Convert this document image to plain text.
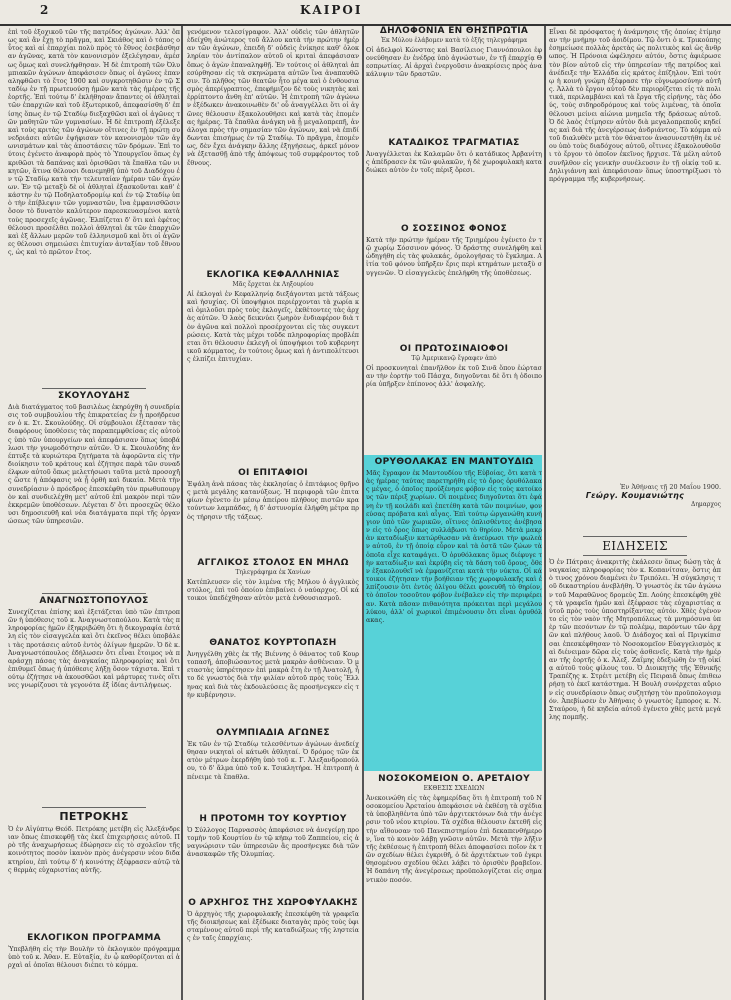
2	ΚΑΙΡΟΙ
ἐπὶ τοῦ ἐξοχικοῦ τῶν τῆς πατρίδος ἀγώνων. Ἀλλ' ὅπως καὶ ἂν ἔχῃ τὸ πρᾶγμα, καὶ Σκιάθος καὶ ὁ τόπος οὗτος καὶ αἱ ἐπαρχίαι πολὺ πρὸς τὸ ἔθνος ἐσεβάσθησαν ἀγῶνας, κατὰ τὸν κανονισμὸν ἐξελέγησαν, ἀμέσως ὅμως καὶ συνελήφθησαν. Ἡ δὲ ἐπιτροπὴ τῶν Ὀλυμπιακῶν ἀγώνων ἀπεφάσισεν ὅπως οἱ ἀγῶνες ἐπαναληφθῶσι τὸ ἔτος 1900 καὶ συγκροτηθῶσιν ἐν τῷ Σταδίῳ ἐν τῇ πρωτευούσῃ ἡμῶν κατὰ τὰς ἡμέρας τῆς ἑορτῆς. Ἐπὶ τούτῳ δ' ἐκλήθησαν ἅπαντες οἱ ἀθληταὶ τῶν ἐπαρχιῶν καὶ τοῦ ἐξωτερικοῦ, ἀπεφασίσθη δ' ἐπίσης ὅπως ἐν τῷ Σταδίῳ διεξαχθῶσι καὶ οἱ ἀγῶνες τῶν μαθητῶν τῶν γυμνασίων. Ἡ δὲ ἐπιτροπὴ ἐξέλεξε καὶ τοὺς κριτὰς τῶν ἀγώνων οἵτινες ἐν τῇ πρώτῃ συνεδριάσει αὐτῶν ἐψήφισαν τὸν κανονισμὸν τῶν ἀγωνισμάτων καὶ τὰς ἀποστάσεις τῶν δρόμων. Ἐπὶ τούτοις ἐγένετο ἀναφορὰ πρὸς τὸ Ὑπουργεῖον ὅπως ἐγκριθῶσι τὰ δαπάνας καὶ ὁρισθῶσι τὰ ἔπαθλα τῶν νικητῶν, ἅτινα θέλουσι διανεμηθῆ ὑπὸ τοῦ Διαδόχου ἐν τῷ Σταδίῳ κατὰ τὴν τελευταίαν ἡμέραν τῶν ἀγώνων. Ἐν τῷ μεταξὺ δὲ οἱ ἀθληταὶ ἐξασκοῦνται καθ' ἑκάστην ἐν τῷ Ποδηλατοδρομίῳ καὶ ἐν τῷ Σταδίῳ ὑπὸ τὴν ἐπίβλεψιν τῶν γυμναστῶν, ἵνα ἐμφανισθῶσιν ὅσον τὸ δυνατὸν καλύτερον παρεσκευασμένοι κατὰ τοὺς προσεχεῖς ἀγῶνας. Ἐλπίζεται δ' ὅτι καὶ ἐφέτος θέλουσι προσέλθει πολλοὶ ἀθληταὶ ἐκ τῶν ἐπαρχιῶν καὶ ἐξ ἄλλων μερῶν τοῦ ἑλληνισμοῦ καὶ ὅτι οἱ ἀγῶνες θέλουσι σημειώσει ἐπιτυχίαν ἀνταξίαν τοῦ ἔθνους, ὡς καὶ τὸ πρῶτον ἔτος.
ΣΚΟΥΛΟΥΔΗΣ
Διὰ διατάγματος τοῦ βασιλέως ἐκηρύχθη ἡ συνεδρίασις τοῦ συμβουλίου τῆς ἐπικρατείας ἐν ᾗ προήδρευσεν ὁ κ. Στ. Σκουλούδης. Οἱ σύμβουλοι ἐξέτασαν τὰς διαφόρους ὑποθέσεις τὰς παραπεμφθείσας εἰς αὐτοὺς ὑπὸ τῶν ὑπουργείων καὶ ἀπεφάσισαν ὅπως ὑποβάλωσι τὴν γνωμοδότησιν αὐτῶν. Ὁ κ. Σκουλούδης ἀνέπτυξε τὰ κυριώτερα ζητήματα τὰ ἀφορῶντα εἰς τὴν διοίκησιν τοῦ κράτους καὶ ἐζήτησε παρὰ τῶν συναδέλφων αὐτοῦ ὅπως μελετήσωσι ταῦτα μετὰ προσοχῆς ὥστε ἡ ἀπόφασις νὰ ᾖ ὀρθὴ καὶ δικαία. Μετὰ τὴν συνεδρίασιν ὁ πρόεδρος ἐπεσκέφθη τὸν πρωθυπουργὸν καὶ συνδιελέχθη μετ' αὐτοῦ ἐπὶ μακρὸν περὶ τῶν ἐκκρεμῶν ὑποθέσεων. Λέγεται δ' ὅτι προσεχῶς θέλουσι δημοσιευθῆ καὶ νέα διατάγματα περὶ τῆς ὀργανώσεως τῶν ὑπηρεσιῶν.
ΑΝΑΓΝΩΣΤΟΠΟΥΛΟΣ
Συνεχίζεται ἐπίσης καὶ ἐξετάζεται ὑπὸ τῶν ἐπιτροπῶν ἡ ὑπόθεσις τοῦ κ. Ἀναγνωστοπούλου. Κατὰ τὰς πληροφορίας ἡμῶν ἐξηκριβώθη ὅτι ἡ δικογραφία ἐστάλη εἰς τὸν εἰσαγγελέα καὶ ὅτι ἐκεῖνος θέλει ὑποβάλει τὰς προτάσεις αὐτοῦ ἐντὸς ὀλίγων ἡμερῶν. Ὁ δὲ κ. Ἀναγνωστόπουλος ἐδήλωσεν ὅτι εἶναι ἕτοιμος νὰ παράσχῃ πάσας τὰς ἀναγκαίας πληροφορίας καὶ ὅτι ἐπιθυμεῖ ὅπως ἡ ὑπόθεσις λήξῃ ὅσον τάχιστα. Ἐπὶ τούτῳ ἐζήτησε νὰ ἀκουσθῶσι καὶ μάρτυρες τινὲς οἵτινες γνωρίζουσι τὰ γεγονότα ἐξ ἰδίας ἀντιλήψεως.
ΠΕΤΡΟΚΗΣ
Ὁ ἐν Αἰγύπτῳ Θεόδ. Πετρόκης μετέβη εἰς Ἀλεξάνδρειαν ὅπως ἐπισκεφθῇ τὰς ἐκεῖ ἐπιχειρήσεις αὐτοῦ. Πρὸ τῆς ἀναχωρήσεως ἐδώρησεν εἰς τὸ σχολεῖον τῆς κοινότητος ποσὸν ἱκανὸν πρὸς ἀνέγερσιν νέου διδακτηρίου, ἐπὶ τούτῳ δ' ἡ κοινότης ἐξέφρασεν αὐτῷ τὰς θερμὰς εὐχαριστίας αὐτῆς.
ΕΚΛΟΓΙΚΟΝ ΠΡΟΓΡΑΜΜΑ
Ὑπεβλήθη εἰς τὴν Βουλὴν τὸ ἐκλογικὸν πρόγραμμα ὑπὸ τοῦ κ. Ἀθαν. Ε. Εὐταξία, ἐν ᾧ καθορίζονται αἱ ἀρχαὶ αἱ ὁποῖαι θέλουσι διέπει τὸ κόμμα.
γενόμενον τελεσίγραφον. Ἀλλ' οὐδεὶς τῶν ἀθλητῶν ἐδείχθη ἀνώτερος τοῦ ἄλλου κατὰ τὴν πρώτην ἡμέραν τῶν ἀγώνων, ἐπειδὴ δ' οὐδεὶς ἐνίκησε καθ' ὁλοκληρίαν τὸν ἀντίπαλον αὐτοῦ οἱ κριταὶ ἀπεφάσισαν ὅπως ὁ ἀγὼν ἐπαναληφθῇ. Ἐν τούτοις οἱ ἀθληταὶ ἀπεσύρθησαν εἰς τὰ σκηνώματα αὐτῶν ἵνα ἀναπαυθῶσιν. Τὸ πλῆθος τῶν θεατῶν ἦτο μέγα καὶ ὁ ἐνθουσιασμὸς ἀπερίγραπτος, ἐπεφήμιζον δὲ τοὺς νικητὰς καὶ ἐρρίπτοντο ἄνθη ἐπ' αὐτῶν. Ἡ ἐπιτροπὴ τῶν ἀγώνων ἐξέδωκεν ἀνακοινωθὲν δι' οὗ ἀναγγέλλει ὅτι οἱ ἀγῶνες θέλουσιν ἐξακολουθήσει καὶ κατὰ τὰς ἑπομένας ἡμέρας. Τὰ ἔπαθλα ἀνάγκη νὰ ᾖ μεγαλοπρεπῆ, ἀνάλογα πρὸς τὴν σημασίαν τῶν ἀγώνων, καὶ νὰ ἐπιδίδωνται ἐπισήμως ἐν τῷ Σταδίῳ. Τὸ πρᾶγμα, ἐπομένως, δὲν ἔχει ἀνάγκην ἄλλης ἐξηγήσεως, ἀρκεῖ μόνον νὰ ἐξετασθῇ ἀπὸ τῆς ἀπόψεως τοῦ συμφέροντος τοῦ ἔθνους.
ΕΚΛΟΓΙΚΑ ΚΕΦΑΛΛΗΝΙΑΣ
Μᾶς ἔρχεται ἐκ Ληξουρίου
Αἱ ἐκλογαὶ ἐν Κεφαλληνίᾳ διεξάγονται μετὰ τάξεως καὶ ἡσυχίας. Οἱ ὑποψήφιοι περιέρχονται τὰ χωρία καὶ ὁμιλοῦσι πρὸς τοὺς ἐκλογεῖς, ἐκθέτοντες τὰς ἀρχὰς αὐτῶν. Ὁ λαὸς δεικνύει ζωηρὸν ἐνδιαφέρον διὰ τὸν ἀγῶνα καὶ πολλοὶ προσέρχονται εἰς τὰς συγκεντρώσεις. Κατὰ τὰς μέχρι τοῦδε πληροφορίας προβλέπεται ὅτι θέλουσιν ἐκλεγῆ οἱ ὑποψήφιοι τοῦ κυβερνητικοῦ κόμματος, ἐν τούτοις ὅμως καὶ ἡ ἀντιπολίτευσις ἐλπίζει ἐπιτυχίαν.
ΟΙ ΕΠΙΤΑΦΙΟΙ
Ἐψάλη ἀνὰ πάσας τὰς ἐκκλησίας ὁ ἐπιτάφιος θρῆνος μετὰ μεγάλης κατανύξεως. Ἡ περιφορὰ τῶν ἐπιταφίων ἐγένετο ἐν μέσῳ ἀπείρου πλήθους πιστῶν κρατούντων λαμπάδας, ἡ δ' ἀστυνομία ἐλήφθη μέτρα πρὸς τήρησιν τῆς τάξεως.
ΑΓΓΛΙΚΟΣ ΣΤΟΛΟΣ ΕΝ ΜΗΛΩ
Τηλεγράφημα ἐκ Χανίων
Κατέπλευσεν εἰς τὸν λιμένα τῆς Μήλου ὁ ἀγγλικὸς στόλος, ἐπὶ τοῦ ὁποίου ἐπιβαίνει ὁ ναύαρχος. Οἱ κάτοικοι ὑπεδέχθησαν αὐτὸν μετὰ ἐνθουσιασμοῦ.
ΘΑΝΑΤΟΣ ΚΟΥΡΤΟΠΑΣΗ
Ἀνηγγέλθη χθὲς ἐκ τῆς Βιέννης ὁ θάνατος τοῦ Κουρτοπασῆ, ἀποβιώσαντος μετὰ μακρὰν ἀσθένειαν. Ὁ μεταστὰς ὑπηρέτησεν ἐπὶ μακρὰ ἔτη ἐν τῇ Ἀνατολῇ, ἦτο δὲ γνωστὸς διὰ τὴν φιλίαν αὐτοῦ πρὸς τοὺς Ἕλληνας καὶ διὰ τὰς ἐκδουλεύσεις ἃς προσήνεγκεν εἰς τὴν κυβέρνησιν.
ΟΛΥΜΠΙΑΔΙΑ ΑΓΩΝΕΣ
Ἐκ τῶν ἐν τῷ Σταδίῳ τελεσθέντων ἀγώνων ἀνεδείχθησαν νικηταὶ οἱ κάτωθι ἀθληταί. Ὁ δρόμος τῶν ἑκατὸν μέτρων ἐκερδήθη ὑπὸ τοῦ κ. Γ. Ἀλεξανδροπούλου, τὸ δ' ἅλμα ὑπὸ τοῦ κ. Τσικλητήρα. Ἡ ἐπιτροπὴ ἀπένειμε τὰ ἔπαθλα.
Η ΠΡΟΤΟΜΗ ΤΟΥ ΚΟΥΡΤΙΟΥ
Ὁ Σύλλογος Παρνασσὸς ἀπεφάσισε νὰ ἀνεγείρῃ προτομὴν τοῦ Κουρτίου ἐν τῷ κήπῳ τοῦ Ζαππείου, εἰς ἀναγνώρισιν τῶν ὑπηρεσιῶν ἃς προσήνεγκε διὰ τῶν ἀνασκαφῶν τῆς Ὀλυμπίας.
Ο ΑΡΧΗΓΟΣ ΤΗΣ ΧΩΡΟΦΥΛΑΚΗΣ
Ὁ ἀρχηγὸς τῆς χωροφυλακῆς ἐπεσκέφθη τὰ γραφεῖα τῆς διοικήσεως καὶ ἐξέδωκε διαταγὰς πρὸς τοὺς ὑφισταμένους αὐτοῦ περὶ τῆς καταδιώξεως τῆς ληστείας ἐν ταῖς ἐπαρχίαις.
ΔΗΛΟΦΟΝΙΑ ΕΝ ΘΗΣΠΡΩΤΙΑ
Ἐκ Μύλου ἐλάβομεν κατὰ τὸ ἑξῆς τηλεγράφημα
Οἱ ἀδελφοὶ Κώνστας καὶ Βασίλειος Γιαννόπουλοι ἐφονεύθησαν ἐν ἐνέδρᾳ ὑπὸ ἀγνώστων, ἐν τῇ ἐπαρχίᾳ Θεσπρωτίας. Αἱ ἀρχαὶ ἐνεργοῦσιν ἀνακρίσεις πρὸς ἀνακάλυψιν τῶν δραστῶν.
ΚΑΤΑΔΙΚΟΣ ΤΡΑΓΜΑΤΙΑΣ
Ἀναγγέλλεται ἐκ Καλαμῶν ὅτι ὁ κατάδικος Ἀρβανίτης ἀπέδρασεν ἐκ τῶν φυλακῶν, ἡ δὲ χωροφυλακὴ καταδιώκει αὐτὸν ἐν τοῖς πέριξ ὄρεσι.
Ο ΣΟΣΣΙΝΟΣ ΦΟΝΟΣ
Κατὰ τὴν πρώτην ἡμέραν τῆς Τριημέρου ἐγένετο ἐν τῷ χωρίῳ Σόσσινον φόνος. Ὁ δράστης συνελήφθη καὶ ὡδηγήθη εἰς τὰς φυλακάς, ὁμολογήσας τὸ ἔγκλημα. Αἰτία τοῦ φόνου ὑπῆρξεν ἔρις περὶ κτημάτων μεταξὺ συγγενῶν. Ὁ εἰσαγγελεὺς ἐπελήφθη τῆς ὑποθέσεως.
ΟΙ ΠΡΩΤΟΣΙΝΑΙΟΦΟΙ
Τῷ Ἀμερικανῷ ἔγραφεν ἀπὸ
Οἱ προσκυνηταὶ ἐπανῆλθον ἐκ τοῦ Σινᾶ ὅπου ἑώρτασαν τὴν ἑορτὴν τοῦ Πάσχα, διηγοῦνται δὲ ὅτι ἡ ὁδοιπορία ὑπῆρξεν ἐπίπονος ἀλλ' ἀσφαλής.
ΟΡΥΘΟΛΑΚΑΣ ΕΝ ΜΑΝΤΟΥΔΙΩ
Μᾶς ἔγραφον ἐκ Μαντουδίου τῆς Εὐβοίας, ὅτι κατὰ τὰς ἡμέρας ταύτας παρετηρήθη εἰς τὸ ὄρος ὀρυθόλακας μέγας, ὁ ὁποῖος προὐξένησε φόβον εἰς τοὺς κατοίκους τῶν πέριξ χωρίων. Οἱ ποιμένες διηγοῦνται ὅτι ἐφάνη ἐν τῇ κοιλάδι καὶ ἐπετέθη κατὰ τῶν ποιμνίων, φονεύσας πρόβατα καὶ αἶγας. Ἐπὶ τούτῳ ὠργανώθη κυνήγιον ὑπὸ τῶν χωρικῶν, οἵτινες ὁπλισθέντες ἀνέβησαν εἰς τὸ ὄρος ὅπως συλλάβωσι τὸ θηρίον. Μετὰ μακρὰν καταδίωξιν κατώρθωσαν νὰ ἀνεύρωσι τὴν φωλεὰν αὐτοῦ, ἐν τῇ ὁποίᾳ εὗρον καὶ τὰ ὀστᾶ τῶν ζώων τὰ ὁποῖα εἶχε καταφάγει. Ὁ ὀρυθόλακας ὅμως διέφυγε τὴν καταδίωξιν καὶ ἐκρύβη εἰς τὰ δάση τοῦ ὄρους, ὅθεν ἐξακολουθεῖ νὰ ἐμφανίζεται κατὰ τὴν νύκτα. Οἱ κάτοικοι ἐζήτησαν τὴν βοήθειαν τῆς χωροφυλακῆς καὶ ἐλπίζουσιν ὅτι ἐντὸς ὀλίγου θέλει φονευθῆ τὸ θηρίον, τὸ ὁποῖον τοσοῦτον φόβον ἐνέβαλεν εἰς τὴν περιφέρειαν. Κατὰ πᾶσαν πιθανότητα πρόκειται περὶ μεγάλου λύκου, ἀλλ' οἱ χωρικοὶ ἐπιμένουσιν ὅτι εἶναι ὀρυθόλακας.
ΝΟΣΟΚΟΜΕΙΟΝ Ο. ΑΡΕΤΑΙΟΥ
ΕΚΘΕΣΙΣ ΣΧΕΔΙΩΝ
Ἀνεκοινώθη εἰς τὰς ἐφημερίδας ὅτι ἡ ἐπιτροπὴ τοῦ Νοσοκομείου Ἀρεταίου ἀπεφάσισε νὰ ἐκθέσῃ τὰ σχέδια τὰ ὑποβληθέντα ὑπὸ τῶν ἀρχιτεκτόνων διὰ τὴν ἀνέγερσιν τοῦ νέου κτιρίου. Τὰ σχέδια θέλουσιν ἐκτεθῆ εἰς τὴν αἴθουσαν τοῦ Πανεπιστημίου ἐπὶ δεκαπενθήμερον, ἵνα τὸ κοινὸν λάβῃ γνῶσιν αὐτῶν. Μετὰ τὴν λῆξιν τῆς ἐκθέσεως ἡ ἐπιτροπὴ θέλει ἀποφασίσει ποῖον ἐκ τῶν σχεδίων θέλει ἐγκριθῆ, ὁ δὲ ἀρχιτέκτων τοῦ ἐγκριθησομένου σχεδίου θέλει λάβει τὸ ὁρισθὲν βραβεῖον. Ἡ δαπάνη τῆς ἀνεγέρσεως προϋπολογίζεται εἰς σημαντικὸν ποσόν.
Εἶναι δὲ πρόσφατος ἡ ἀνάμνησις τῆς ὁποίας ἐτίμησαν τὴν μνήμην τοῦ ἀοιδίμου. Τῷ ὄντι ὁ κ. Τρικούπης ἐσημείωσε πολλὰς ἀρετὰς ὡς πολιτικὸς καὶ ὡς ἄνθρωπος. Ἡ Πρόνοια ὠφέλησεν αὐτόν, ὅστις ἀφιέρωσε τὸν βίον αὐτοῦ εἰς τὴν ὑπηρεσίαν τῆς πατρίδος καὶ ἀνέδειξε τὴν Ἑλλάδα εἰς κράτος ἐπίζηλον. Ἐπὶ τούτῳ ἡ κοινὴ γνώμη ἐξέφρασε τὴν εὐγνωμοσύνην αὐτῆς. Ἀλλὰ τὸ ἔργον αὐτοῦ δὲν περιορίζεται εἰς τὰ πολιτικά, περιλαμβάνει καὶ τὰ ἔργα τῆς εἰρήνης, τὰς ὁδούς, τοὺς σιδηροδρόμους καὶ τοὺς λιμένας, τὰ ὁποῖα θέλουσι μείνει αἰώνια μνημεῖα τῆς δράσεως αὐτοῦ. Ὁ δὲ λαὸς ἐτίμησεν αὐτὸν διὰ μεγαλοπρεποῦς κηδείας καὶ διὰ τῆς ἀνεγέρσεως ἀνδριάντος. Τὸ κόμμα αὐτοῦ διαλυθὲν μετὰ τὸν θάνατον ἀνασυνεστήθη ἐκ νέου ὑπὸ τοὺς διαδόχους αὐτοῦ, οἵτινες ἐξακολουθοῦσι τὸ ἔργον τὸ ὁποῖον ἐκεῖνος ἤρχισε. Τὰ μέλη αὐτοῦ συνῆλθον εἰς γενικὴν συνέλευσιν ἐν τῇ οἰκίᾳ τοῦ κ. Δηλιγιάννη καὶ ἀπεφάσισαν ὅπως ὑποστηρίξωσι τὸ πρόγραμμα τῆς κυβερνήσεως.
Ἐν Ἀθήναις τῇ 20 Μαΐου 1900.
Γεώργ. Κουμανιώτης
Δημαρχος
ΕΙΔΗΣΕΙΣ
Ὁ ἐν Πάτραις ἀνακριτὴς ἐκάλεσεν ὅπως δώσῃ τὰς ἀναγκαίας πληροφορίας τὸν κ. Κοπανίτσαν, ὅστις ἀπὸ τινος χρόνου διαμένει ἐν Τριπόλει. Ἡ σύγκλησις τοῦ δικαστηρίου ἀνεβλήθη. Ὁ γνωστὸς ἐκ τῶν ἀγώνων τοῦ Μαραθῶνος δρομεὺς Σπ. Λούης ἐπεσκέφθη χθὲς τὰ γραφεῖα ἡμῶν καὶ ἐξέφρασε τὰς εὐχαριστίας αὐτοῦ πρὸς τοὺς ὑποστηρίξαντας αὐτόν. Χθὲς ἐγένοντο εἰς τὸν ναὸν τῆς Μητροπόλεως τὰ μνημόσυνα ὑπὲρ τῶν πεσόντων ἐν τῷ πολέμῳ, παρόντων τῶν ἀρχῶν καὶ πλήθους λαοῦ. Ὁ Διάδοχος καὶ αἱ Πριγκίπισσαι ἐπεσκέφθησαν τὸ Νοσοκομεῖον Εὐαγγελισμὸς καὶ διένειμαν δῶρα εἰς τοὺς ἀσθενεῖς. Κατὰ τὴν ἡμέραν τῆς ἑορτῆς ὁ κ. Ἀλεξ. Ζαΐμης ἐδεξιώθη ἐν τῇ οἰκίᾳ αὐτοῦ τοὺς φίλους του. Ὁ Διοικητὴς τῆς Ἐθνικῆς Τραπέζης κ. Στρέιτ μετέβη εἰς Πειραιᾶ ὅπως ἐπιθεωρήσῃ τὸ ἐκεῖ κατάστημα. Ἡ Βουλὴ συνέρχεται αὔριον εἰς συνεδρίασιν ὅπως συζητήσῃ τὸν προϋπολογισμόν. Ἀπεβίωσεν ἐν Ἀθήναις ὁ γνωστὸς ἔμπορος κ. Ν. Σταύρου, ἡ δὲ κηδεία αὐτοῦ ἐγένετο χθὲς μετὰ μεγάλης πομπῆς.
